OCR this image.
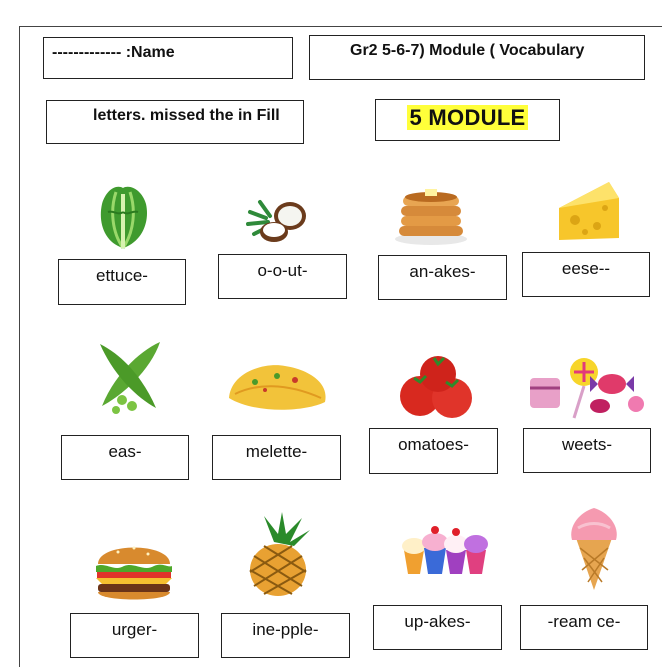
------------- :Name	Gr2 5-6-7) Module ( Vocabulary
letters. missed the in Fill	5 MODULE
ettuce-	o-o-ut-	an-akes-	eese--
eas-	melette-	omatoes-	weets-
urger-	ine-pple-	up-akes-	-ream ce-
